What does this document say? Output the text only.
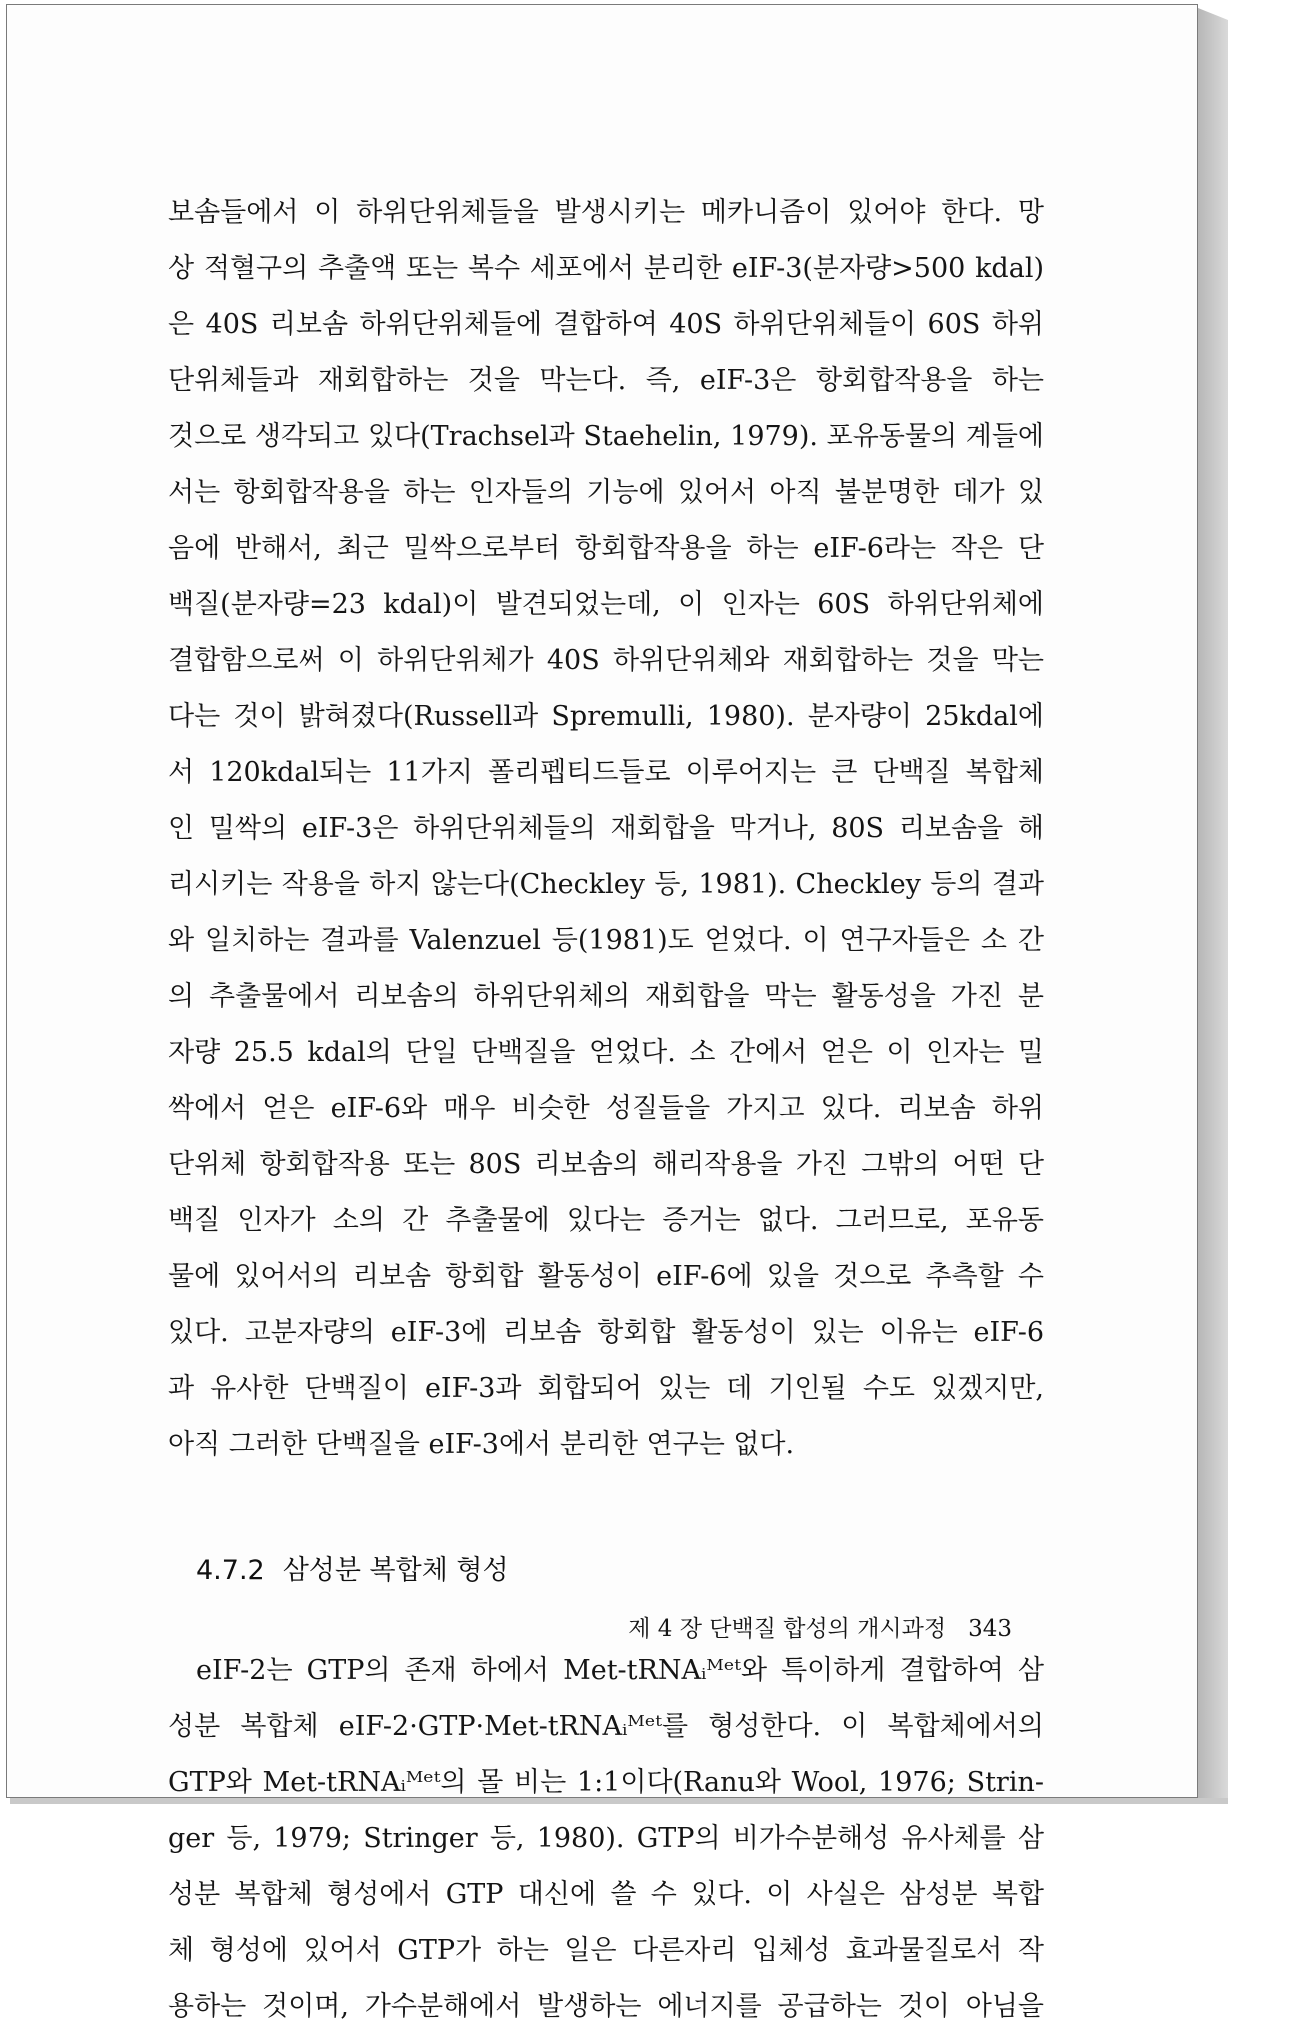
보솜들에서 이 하위단위체들을 발생시키는 메카니즘이 있어야 한다. 망
상 적혈구의 추출액 또는 복수 세포에서 분리한 eIF-3(분자량>500 kdal)
은 40S 리보솜 하위단위체들에 결합하여 40S 하위단위체들이 60S 하위
단위체들과 재회합하는 것을 막는다. 즉, eIF-3은 항회합작용을 하는
것으로 생각되고 있다(Trachsel과 Staehelin, 1979). 포유동물의 계들에
서는 항회합작용을 하는 인자들의 기능에 있어서 아직 불분명한 데가 있
음에 반해서, 최근 밀싹으로부터 항회합작용을 하는 eIF-6라는 작은 단
백질(분자량=23 kdal)이 발견되었는데, 이 인자는 60S 하위단위체에
결합함으로써 이 하위단위체가 40S 하위단위체와 재회합하는 것을 막는
다는 것이 밝혀졌다(Russell과 Spremulli, 1980). 분자량이 25kdal에
서 120kdal되는 11가지 폴리펩티드들로 이루어지는 큰 단백질 복합체
인 밀싹의 eIF-3은 하위단위체들의 재회합을 막거나, 80S 리보솜을 해
리시키는 작용을 하지 않는다(Checkley 등, 1981). Checkley 등의 결과
와 일치하는 결과를 Valenzuel 등(1981)도 얻었다. 이 연구자들은 소 간
의 추출물에서 리보솜의 하위단위체의 재회합을 막는 활동성을 가진 분
자량 25.5 kdal의 단일 단백질을 얻었다. 소 간에서 얻은 이 인자는 밀
싹에서 얻은 eIF-6와 매우 비슷한 성질들을 가지고 있다. 리보솜 하위
단위체 항회합작용 또는 80S 리보솜의 해리작용을 가진 그밖의 어떤 단
백질 인자가 소의 간 추출물에 있다는 증거는 없다. 그러므로, 포유동
물에 있어서의 리보솜 항회합 활동성이 eIF-6에 있을 것으로 추측할 수
있다. 고분자량의 eIF-3에 리보솜 항회합 활동성이 있는 이유는 eIF-6
과 유사한 단백질이 eIF-3과 회합되어 있는 데 기인될 수도 있겠지만,
아직 그러한 단백질을 eIF-3에서 분리한 연구는 없다.
4.7.2 삼성분 복합체 형성
eIF-2는 GTP의 존재 하에서 Met-tRNAᵢᴹᵉᵗ와 특이하게 결합하여 삼
성분 복합체 eIF-2·GTP·Met-tRNAᵢᴹᵉᵗ를 형성한다. 이 복합체에서의
GTP와 Met-tRNAᵢᴹᵉᵗ의 몰 비는 1:1이다(Ranu와 Wool, 1976; Strin-
ger 등, 1979; Stringer 등, 1980). GTP의 비가수분해성 유사체를 삼
성분 복합체 형성에서 GTP 대신에 쓸 수 있다. 이 사실은 삼성분 복합
체 형성에 있어서 GTP가 하는 일은 다른자리 입체성 효과물질로서 작
용하는 것이며, 가수분해에서 발생하는 에너지를 공급하는 것이 아님을
제 4 장 단백질 합성의 개시과정 343
